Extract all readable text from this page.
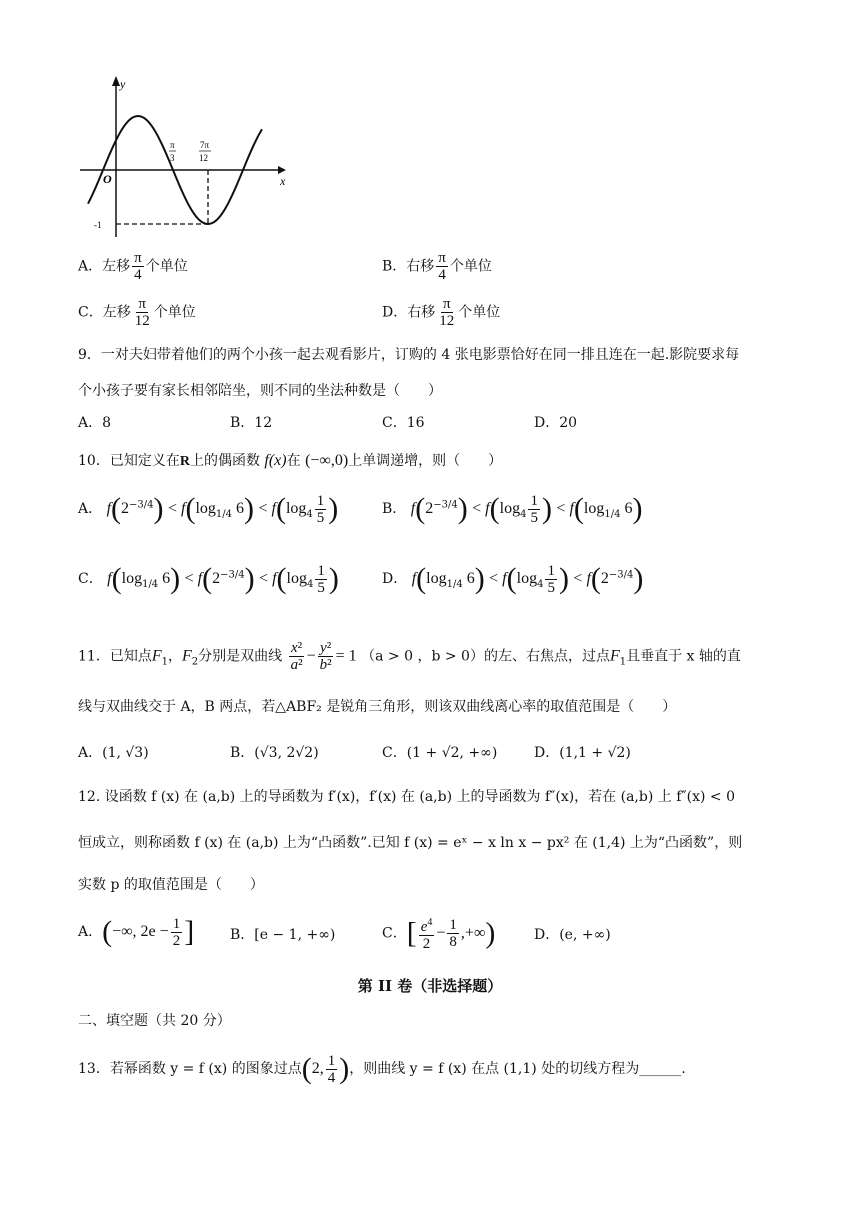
y
x
O
π
3
7π
12
-1
A．左移 $\frac{\pi}{4}$ 个单位	B．右移 $\frac{\pi}{4}$ 个单位
C．左移 $\frac{\pi}{12}$ 个单位	D．右移 $\frac{\pi}{12}$ 个单位
9．一对夫妇带着他们的两个小孩一起去观看影片，订购的 4 张电影票恰好在同一排且连在一起.影院要求每
个小孩子要有家长相邻陪坐，则不同的坐法种数是（　　）
A．8	B．12	C．16	D．20
10．已知定义在R上的偶函数 f(x)在 (−∞,0)上单调递增，则（　　）
A． $f(2^{-3/4}) < f(\log_{1/4}$ $6) < f(\log_4 \frac{1}{5}$ )	B． $f(2^{-3/4}) < f(\log_4 \frac{1}{5}$ ) < $f(\log_{1/4}$ 6)
C． $f(\log_{1/4}$ $6) < f(2^{-3/4}) < f(\log_4 \frac{1}{5}$ )	D． $f(\log_{1/4}$ $6) < f(\log_4 \frac{1}{5}$ ) < $f(2^{-3/4})$
11．已知点$F_1$，$F_2$分别是双曲线 $\frac{\text{x²}}{\text{a²}} - \frac{\text{y²}}{\text{b²}} = 1$ （a > 0 ，b > 0）的左、右焦点，过点$F_1$且垂直于 x 轴的直
线与双曲线交于 A，B 两点，若△ABF₂ 是锐角三角形，则该双曲线离心率的取值范围是（　　）
A．(1, √3)	B．(√3, 2√2)	C．(1 + √2, +∞)	D．(1,1 + √2)
12. 设函数 f (x) 在 (a,b) 上的导函数为 f′(x)，f′(x) 在 (a,b) 上的导函数为 f″(x)，若在 (a,b) 上 f″(x) < 0
恒成立，则称函数 f (x) 在 (a,b) 上为“凸函数”.已知 f (x) = eˣ − x ln x − px² 在 (1,4) 上为“凸函数”，则
实数 p 的取值范围是（　　）
A．(−∞, $2e - \frac{1}{2}$ ]	B．[e − 1, +∞)	C．[ $\frac{e^4}{2} - \frac{1}{8}$ ,+∞)	D．(e, +∞)
第 II 卷（非选择题）
二、填空题（共 20 分）
13．若幂函数 y = f (x) 的图象过点(2, $\frac{1}{4}$ )，则曲线 y = f (x) 在点 (1,1) 处的切线方程为______.
